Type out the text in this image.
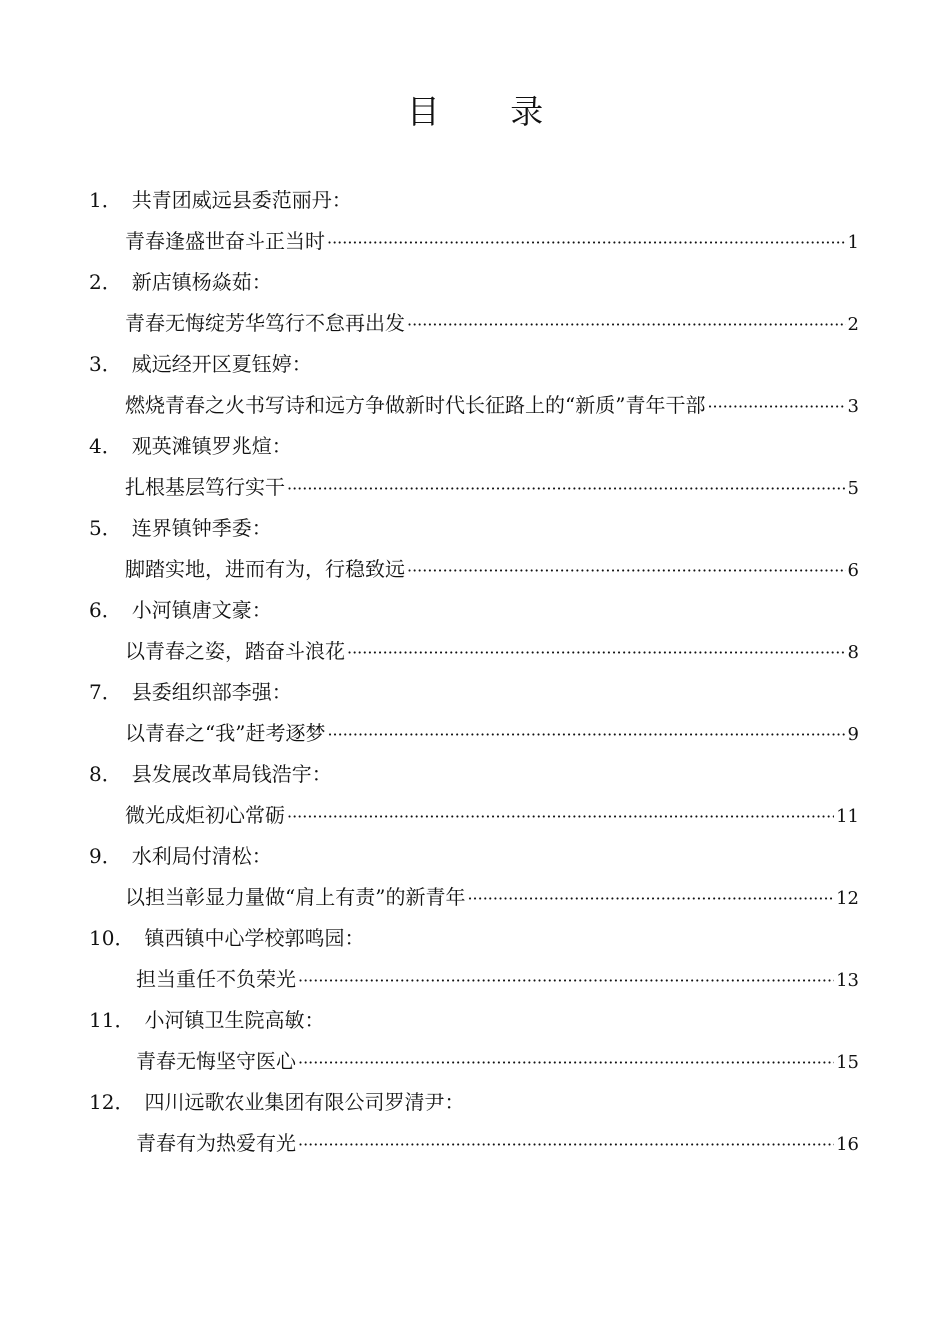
目 录
1． 共青团威远县委范丽丹：
青春逢盛世奋斗正当时 ·····	1
2． 新店镇杨焱茹：
青春无悔绽芳华笃行不怠再出发 ·····	2
3． 威远经开区夏钰婷：
燃烧青春之火书写诗和远方争做新时代长征路上的“新质”青年干部 ·····	3
4． 观英滩镇罗兆煊：
扎根基层笃行实干 ·····	5
5． 连界镇钟季委：
脚踏实地，进而有为，行稳致远 ·····	6
6． 小河镇唐文豪：
以青春之姿，踏奋斗浪花 ·····	8
7． 县委组织部李强：
以青春之“我”赶考逐梦 ·····	9
8． 县发展改革局钱浩宇：
微光成炬初心常砺 ·····	11
9． 水利局付清松：
以担当彰显力量做“肩上有责”的新青年 ·····	12
10． 镇西镇中心学校郭鸣园：
担当重任不负荣光 ·····	13
11． 小河镇卫生院高敏：
青春无悔坚守医心 ·····	15
12． 四川远歌农业集团有限公司罗清尹：
青春有为热爱有光 ·····	16
